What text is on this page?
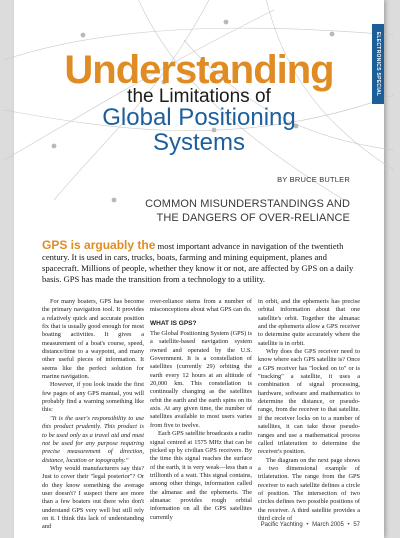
ELECTRONICS SPECIAL
Understanding
the Limitations of
Global Positioning
Systems
BY BRUCE BUTLER
COMMON MISUNDERSTANDINGS AND
THE DANGERS OF OVER-RELIANCE

GPS is arguably the most important advance in navigation of the twentieth century. It is used in cars, trucks, boats, farming and mining equipment, planes and spacecraft. Millions of people, whether they know it or not, are affected by GPS on a daily basis. GPS has made the transition from a technology to a utility.

For many boaters, GPS has become the primary navigation tool. It provides a relatively quick and accurate position fix that is usually good enough for most boating activities. It gives a measurement of a boat's course, speed, distance/time to a waypoint, and many other useful pieces of information. It seems like the perfect solution for marine navigation.

However, if you look inside the first few pages of any GPS manual, you will probably find a warning something like this:

"It is the user's responsibility to use this product prudently. This product is to be used only as a travel aid and must not be used for any purpose requiring precise measurement of direction, distance, location or topography."

Why would manufacturers say this? Just to cover their "legal posterior"? Or do they know something the average user doesn't? I suspect there are more than a few boaters out there who don't understand GPS very well but still rely on it. I think this lack of understanding and

over-reliance stems from a number of misconceptions about what GPS can do.

WHAT IS GPS?

The Global Positioning System (GPS) is a satellite-based navigation system owned and operated by the U.S. Government. It is a constellation of satellites (currently 29) orbiting the earth every 12 hours at an altitude of 20,000 km. This constellation is continually changing as the satellites orbit the earth and the earth spins on its axis. At any given time, the number of satellites available to most users varies from five to twelve.

Each GPS satellite broadcasts a radio signal centred at 1575 MHz that can be picked up by civilian GPS receivers. By the time this signal reaches the surface of the earth, it is very weak—less than a trillionth of a watt. This signal contains, among other things, information called the almanac and the ephemeris. The almanac provides rough orbital information on all the GPS satellites currently

in orbit, and the ephemeris has precise orbital information about that one satellite's orbit. Together the almanac and the ephemeris allow a GPS receiver to determine quite accurately where the satellite is in orbit.

Why does the GPS receiver need to know where each GPS satellite is? Once a GPS receiver has "locked on to" or is "tracking" a satellite, it uses a combination of signal processing, hardware, software and mathematics to determine the distance, or pseudo-range, from the receiver to that satellite. If the receiver locks on to a number of satellites, it can take those pseudo-ranges and use a mathematical process called trilateration to determine the receiver's position.

The diagram on the next page shows a two dimensional example of trilateration. The range from the GPS receiver to each satellite defines a circle of position. The intersection of two circles defines two possible positions of the receiver. A third satellite provides a third circle of

Pacific Yachting • March 2005 • 57
